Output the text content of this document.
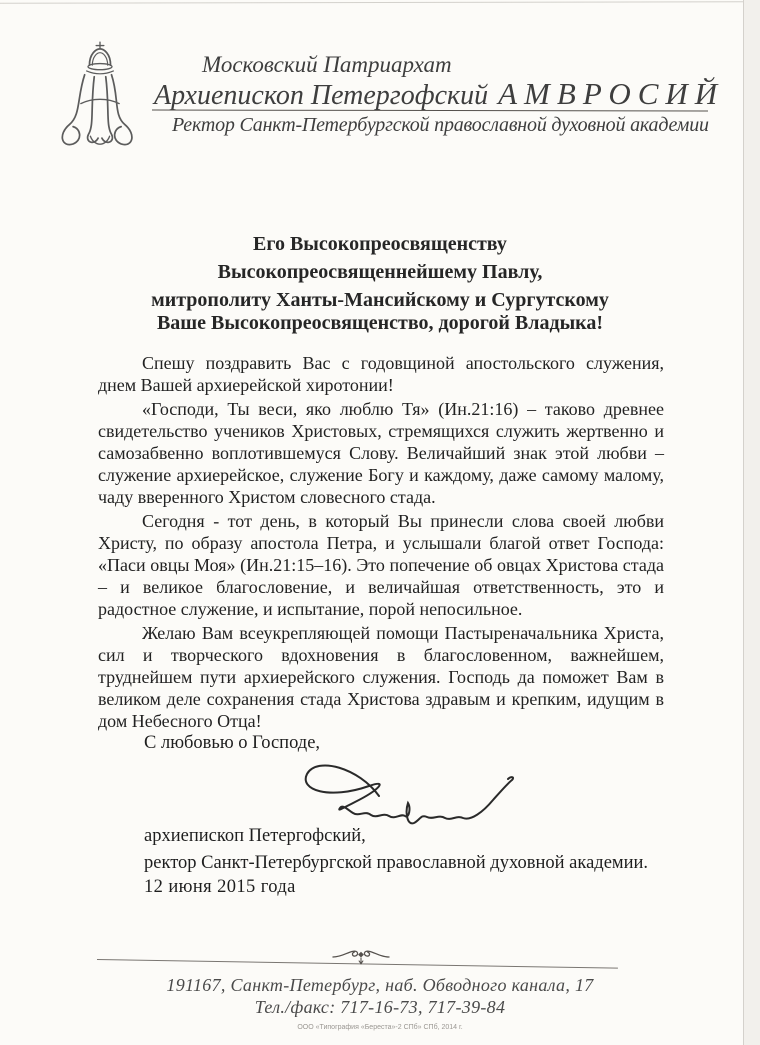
Московский Патриархат
Архиепископ Петергофский АМВРОСИЙ
Ректор Санкт-Петербургской православной духовной академии
Его Высокопреосвященству
Высокопреосвященнейшему Павлу,
митрополиту Ханты-Мансийскому и Сургутскому
Ваше Высокопреосвященство, дорогой Владыка!

Спешу поздравить Вас с годовщиной апостольского служения, днем Вашей архиерейской хиротонии!

«Господи, Ты веси, яко люблю Тя» (Ин.21:16) – таково древнее свидетельство учеников Христовых, стремящихся служить жертвенно и самозабвенно воплотившемуся Слову. Величайший знак этой любви – служение архиерейское, служение Богу и каждому, даже самому малому, чаду вверенного Христом словесного стада.

Сегодня - тот день, в который Вы принесли слова своей любви Христу, по образу апостола Петра, и услышали благой ответ Господа: «Паси овцы Моя» (Ин.21:15–16). Это попечение об овцах Христова стада – и великое благословение, и величайшая ответственность, это и радостное служение, и испытание, порой непосильное.

Желаю Вам всеукрепляющей помощи Пастыреначальника Христа, сил и творческого вдохновения в благословенном, важнейшем, труднейшем пути архиерейского служения. Господь да поможет Вам в великом деле сохранения стада Христова здравым и крепким, идущим в дом Небесного Отца!

С любовью о Господе,
архиепископ Петергофский,
ректор Санкт-Петербургской православной духовной академии.
12 июня 2015 года
191167, Санкт-Петербург, наб. Обводного канала, 17
Тел./факс: 717-16-73, 717-39-84
ООО «Типография «Береста»-2 СПб» СПб, 2014 г.
